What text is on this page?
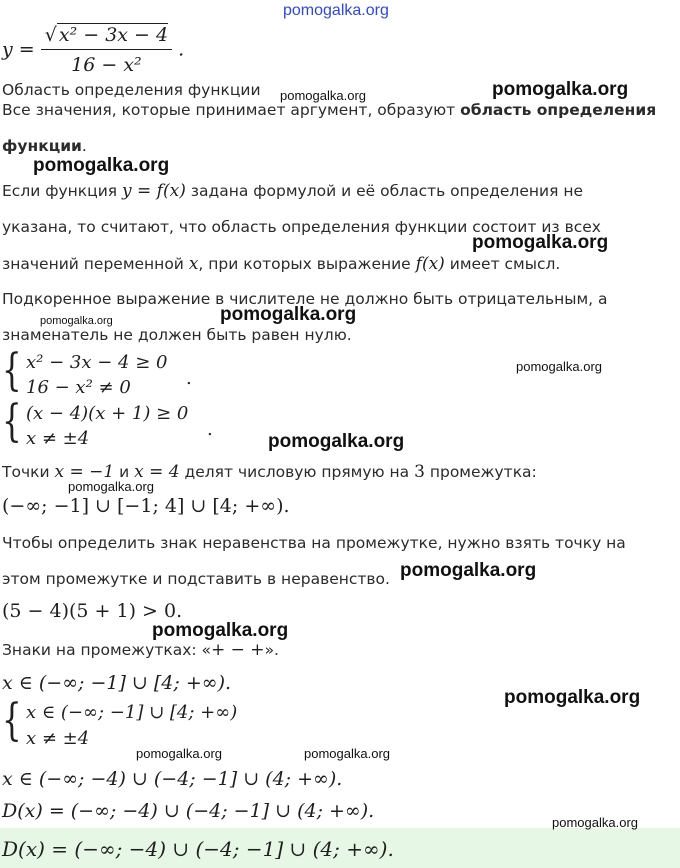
pomogalka.org
$y = \frac{\text{√ x² − 3x − 4}}{\text{16 − x²}}$ .
Область определения функции	pomogalka.org	pomogalka.org
Все значения, которые принимает аргумент, образуют область определения
функции.
pomogalka.org
Если функция y = f(x) задана формулой и её область определения не
указана, то считают, что область определения функции состоит из всех
pomogalka.org
значений переменной x, при которых выражение f(x) имеет смысл.
Подкоренное выражение в числителе не должно быть отрицательным, а
pomogalka.org	pomogalka.org
знаменатель не должен быть равен нулю.
{ x² − 3x − 4 ≥ 0
16 − x² ≠ 0	.
pomogalka.org
{ (x − 4)(x + 1) ≥ 0
x ≠ ±4	.
pomogalka.org
Точки x = −1 и x = 4 делят числовую прямую на 3 промежутка:
pomogalka.org
(−∞; −1] ∪ [−1; 4] ∪ [4; +∞).
Чтобы определить знак неравенства на промежутке, нужно взять точку на
этом промежутке и подставить в неравенство. pomogalka.org
(5 − 4)(5 + 1) > 0.
pomogalka.org
Знаки на промежутках: «+ − +».
x ∈ (−∞; −1] ∪ [4; +∞).
pomogalka.org
{ x ∈ (−∞; −1] ∪ [4; +∞)
x ≠ ±4
pomogalka.org	pomogalka.org
x ∈ (−∞; −4) ∪ (−4; −1] ∪ (4; +∞).
D(x) = (−∞; −4) ∪ (−4; −1] ∪ (4; +∞).
pomogalka.org
D(x) = (−∞; −4) ∪ (−4; −1] ∪ (4; +∞).
